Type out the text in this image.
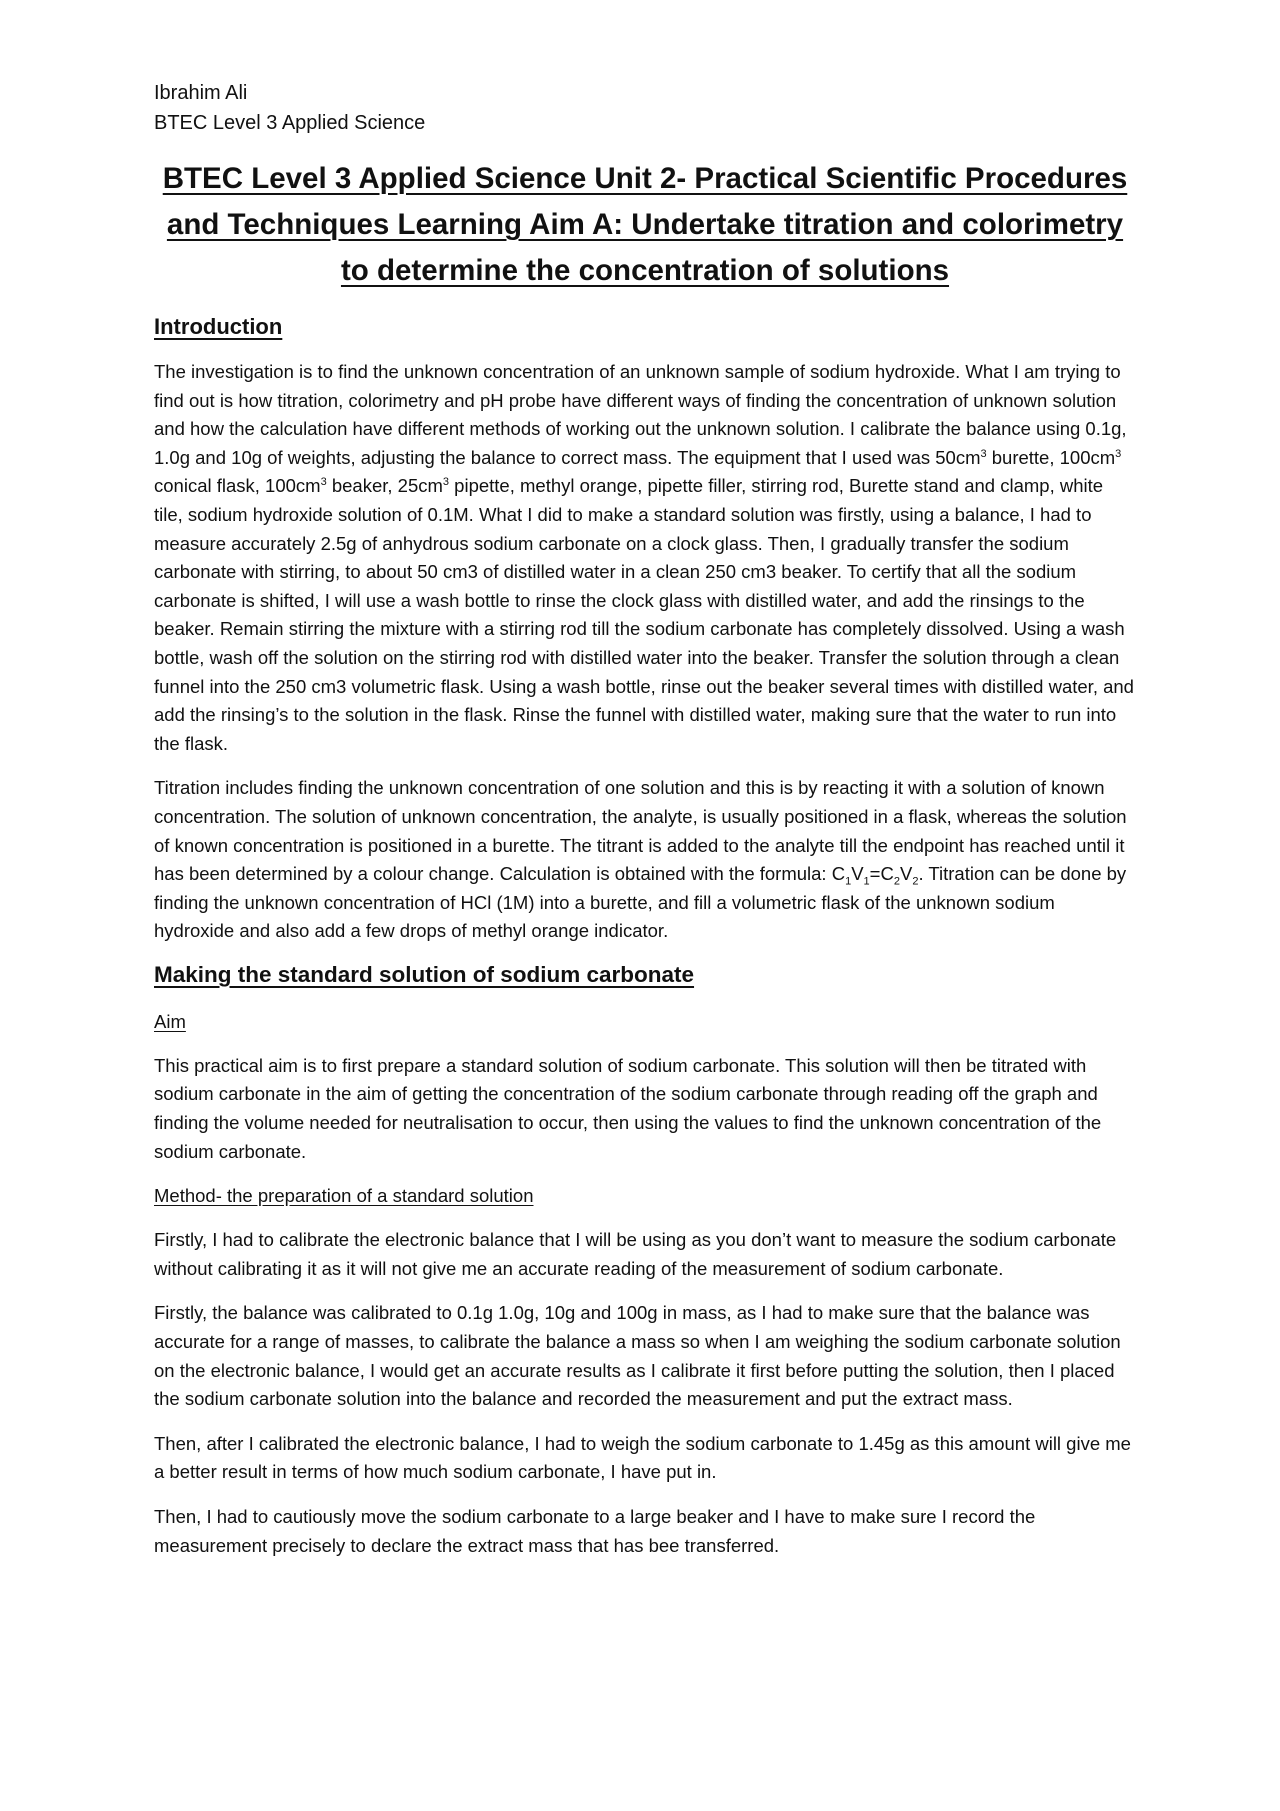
Ibrahim Ali
BTEC Level 3 Applied Science
BTEC Level 3 Applied Science Unit 2- Practical Scientific Procedures and Techniques Learning Aim A: Undertake titration and colorimetry to determine the concentration of solutions
Introduction

The investigation is to find the unknown concentration of an unknown sample of sodium hydroxide. What I am trying to find out is how titration, colorimetry and pH probe have different ways of finding the concentration of unknown solution and how the calculation have different methods of working out the unknown solution. I calibrate the balance using 0.1g, 1.0g and 10g of weights, adjusting the balance to correct mass. The equipment that I used was $50cm^3$ burette, $100cm^3$ conical flask, $100cm^3$ beaker, $25cm^3$ pipette, methyl orange, pipette filler, stirring rod, Burette stand and clamp, white tile, sodium hydroxide solution of 0.1M. What I did to make a standard solution was firstly, using a balance, I had to measure accurately 2.5g of anhydrous sodium carbonate on a clock glass. Then, I gradually transfer the sodium carbonate with stirring, to about 50 cm3 of distilled water in a clean 250 cm3 beaker. To certify that all the sodium carbonate is shifted, I will use a wash bottle to rinse the clock glass with distilled water, and add the rinsings to the beaker. Remain stirring the mixture with a stirring rod till the sodium carbonate has completely dissolved. Using a wash bottle, wash off the solution on the stirring rod with distilled water into the beaker. Transfer the solution through a clean funnel into the 250 cm3 volumetric flask. Using a wash bottle, rinse out the beaker several times with distilled water, and add the rinsing’s to the solution in the flask. Rinse the funnel with distilled water, making sure that the water to run into the flask.

Titration includes finding the unknown concentration of one solution and this is by reacting it with a solution of known concentration. The solution of unknown concentration, the analyte, is usually positioned in a flask, whereas the solution of known concentration is positioned in a burette. The titrant is added to the analyte till the endpoint has reached until it has been determined by a colour change. Calculation is obtained with the formula: $C_1V_1=C_2V_2$. Titration can be done by finding the unknown concentration of HCl (1M) into a burette, and fill a volumetric flask of the unknown sodium hydroxide and also add a few drops of methyl orange indicator.

Making the standard solution of sodium carbonate
Aim

This practical aim is to first prepare a standard solution of sodium carbonate. This solution will then be titrated with sodium carbonate in the aim of getting the concentration of the sodium carbonate through reading off the graph and finding the volume needed for neutralisation to occur, then using the values to find the unknown concentration of the sodium carbonate.

Method- the preparation of a standard solution

Firstly, I had to calibrate the electronic balance that I will be using as you don’t want to measure the sodium carbonate without calibrating it as it will not give me an accurate reading of the measurement of sodium carbonate.

Firstly, the balance was calibrated to 0.1g 1.0g, 10g and 100g in mass, as I had to make sure that the balance was accurate for a range of masses, to calibrate the balance a mass so when I am weighing the sodium carbonate solution on the electronic balance, I would get an accurate results as I calibrate it first before putting the solution, then I placed the sodium carbonate solution into the balance and recorded the measurement and put the extract mass.

Then, after I calibrated the electronic balance, I had to weigh the sodium carbonate to 1.45g as this amount will give me a better result in terms of how much sodium carbonate, I have put in.

Then, I had to cautiously move the sodium carbonate to a large beaker and I have to make sure I record the measurement precisely to declare the extract mass that has bee transferred.
